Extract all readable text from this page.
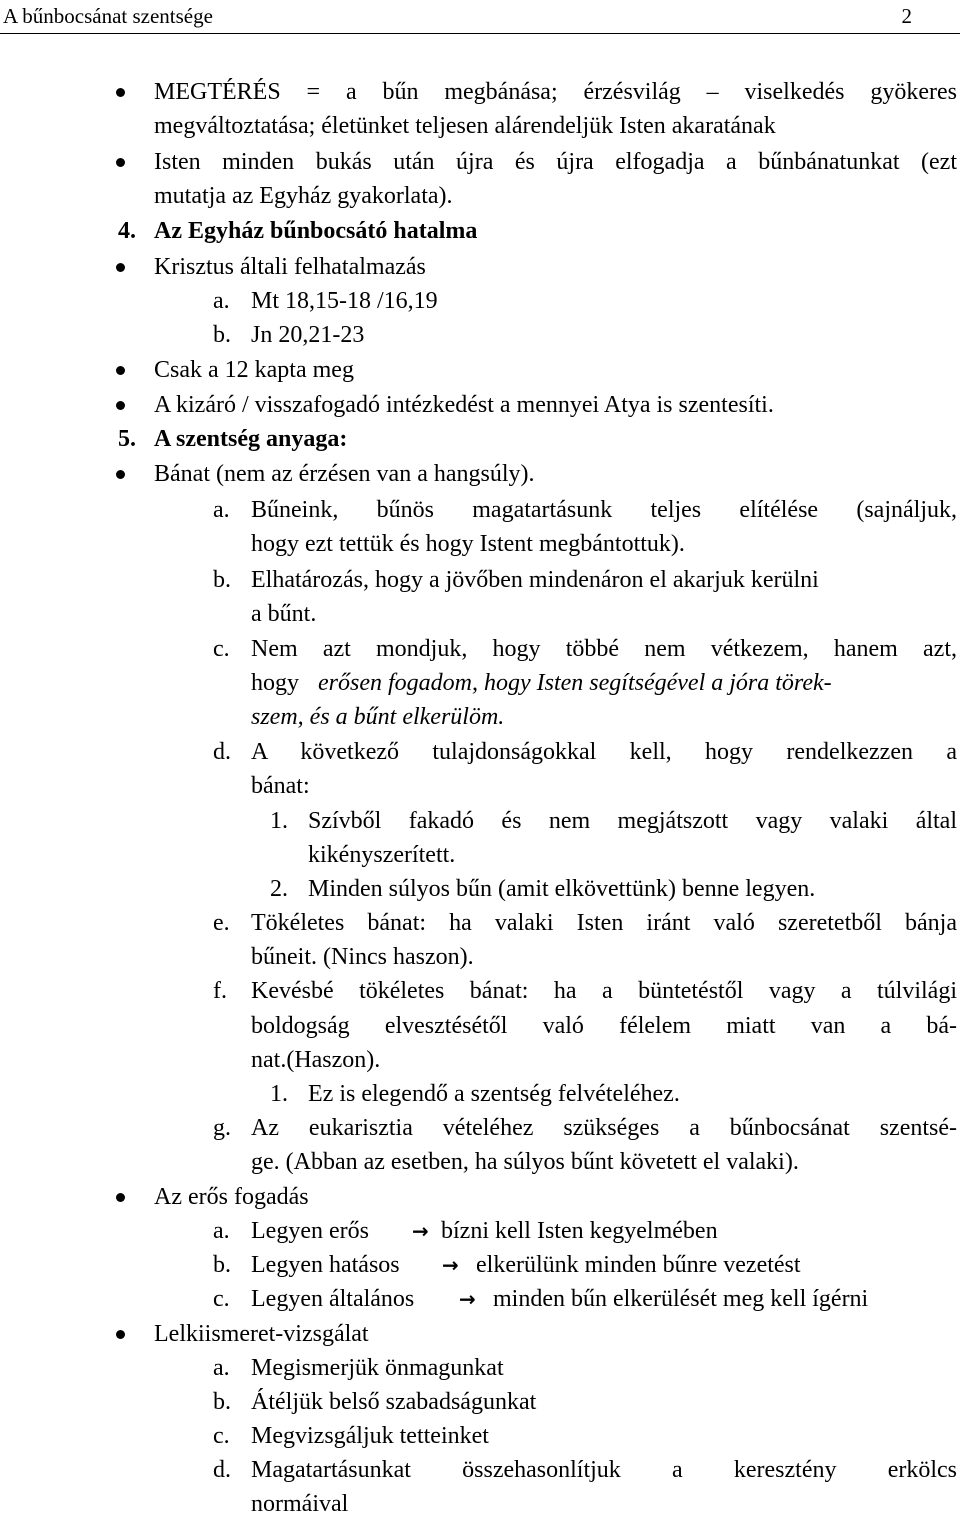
A bűnbocsánat szentsége	2
MEGTÉRÉS = a bűn megbánása; érzésvilág – viselkedés gyökeres
megváltoztatása; életünket teljesen alárendeljük Isten akaratának
Isten minden bukás után újra és újra elfogadja a bűnbánatunkat (ezt
mutatja az Egyház gyakorlata).
4. Az Egyház bűnbocsátó hatalma
Krisztus általi felhatalmazás
a. Mt 18,15-18 /16,19
b. Jn 20,21-23
Csak a 12 kapta meg
A kizáró / visszafogadó intézkedést a mennyei Atya is szentesíti.
5. A szentség anyaga:
Bánat (nem az érzésen van a hangsúly).
a. Bűneink, bűnös magatartásunk teljes elítélése (sajnáljuk,
hogy ezt tettük és hogy Istent megbántottuk).
b. Elhatározás, hogy a jövőben mindenáron el akarjuk kerülni
a bűnt.
c. Nem azt mondjuk, hogy többé nem vétkezem, hanem azt,
hogy erősen fogadom, hogy Isten segítségével a jóra törek-
szem, és a bűnt elkerülöm.
d. A következő tulajdonságokkal kell, hogy rendelkezzen a
bánat:
1. Szívből fakadó és nem megjátszott vagy valaki által
kikényszerített.
2. Minden súlyos bűn (amit elkövettünk) benne legyen.
e. Tökéletes bánat: ha valaki Isten iránt való szeretetből bánja
bűneit. (Nincs haszon).
f. Kevésbé tökéletes bánat: ha a büntetéstől vagy a túlvilági
boldogság elvesztésétől való félelem miatt van a bá-
nat.(Haszon).
1. Ez is elegendő a szentség felvételéhez.
g. Az eukarisztia vételéhez szükséges a bűnbocsánat szentsé-
ge. (Abban az esetben, ha súlyos bűnt követett el valaki).
Az erős fogadás
a. Legyen erős → bízni kell Isten kegyelmében
b. Legyen hatásos → elkerülünk minden bűnre vezetést
c. Legyen általános → minden bűn elkerülését meg kell ígérni
Lelkiismeret-vizsgálat
a. Megismerjük önmagunkat
b. Átéljük belső szabadságunkat
c. Megvizsgáljuk tetteinket
d. Magatartásunkat összehasonlítjuk a keresztény erkölcs
normáival
